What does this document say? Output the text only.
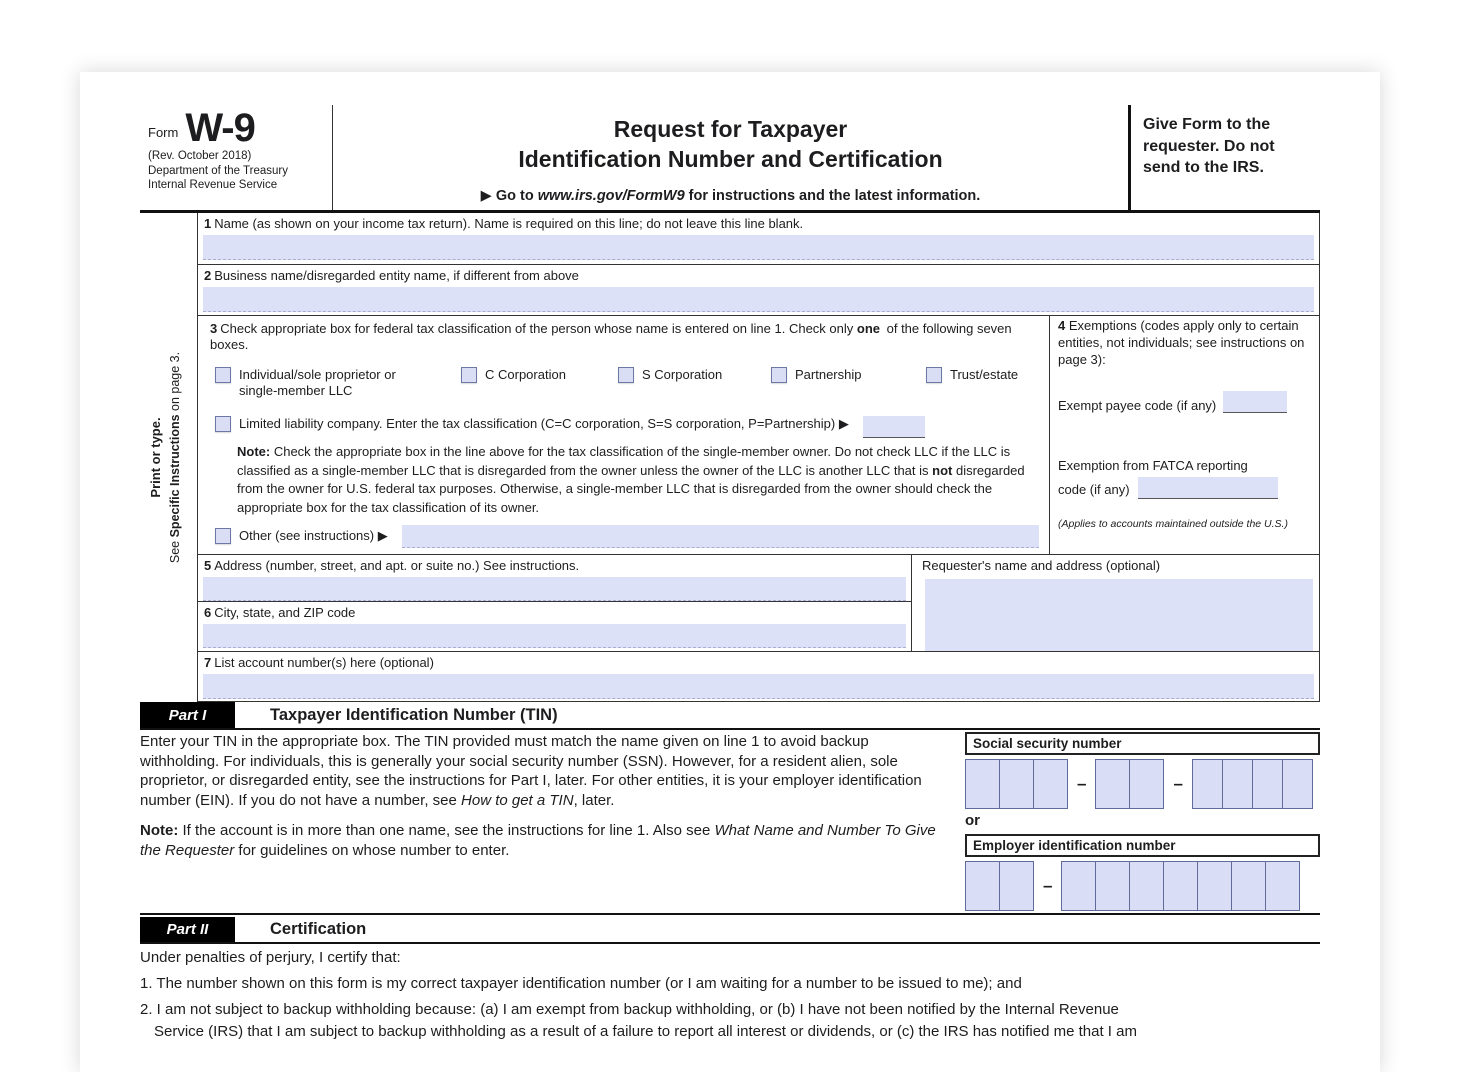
Form W-9
(Rev. October 2018)
Department of the Treasury
Internal Revenue Service
Request for Taxpayer
Identification Number and Certification
▶ Go to www.irs.gov/FormW9 for instructions and the latest information.
Give Form to the requester. Do not send to the IRS.
Print or type.
See Specific Instructions on page 3.
1 Name (as shown on your income tax return). Name is required on this line; do not leave this line blank.
2 Business name/disregarded entity name, if different from above
3 Check appropriate box for federal tax classification of the person whose name is entered on line 1. Check only one of the following seven boxes.
Individual/sole proprietor or single-member LLC
C Corporation	S Corporation	Partnership	Trust/estate
Limited liability company. Enter the tax classification (C=C corporation, S=S corporation, P=Partnership) ▶
Note: Check the appropriate box in the line above for the tax classification of the single-member owner. Do not check LLC if the LLC is classified as a single-member LLC that is disregarded from the owner unless the owner of the LLC is another LLC that is not disregarded from the owner for U.S. federal tax purposes. Otherwise, a single-member LLC that is disregarded from the owner should check the appropriate box for the tax classification of its owner.
Other (see instructions) ▶
4 Exemptions (codes apply only to certain entities, not individuals; see instructions on page 3):
Exempt payee code (if any)
Exemption from FATCA reporting
code (if any)
(Applies to accounts maintained outside the U.S.)
5 Address (number, street, and apt. or suite no.) See instructions.
6 City, state, and ZIP code
Requester's name and address (optional)
7 List account number(s) here (optional)
Part I	Taxpayer Identification Number (TIN)
Enter your TIN in the appropriate box. The TIN provided must match the name given on line 1 to avoid backup withholding. For individuals, this is generally your social security number (SSN). However, for a resident alien, sole proprietor, or disregarded entity, see the instructions for Part I, later. For other entities, it is your employer identification number (EIN). If you do not have a number, see How to get a TIN, later.
Note: If the account is in more than one name, see the instructions for line 1. Also see What Name and Number To Give the Requester for guidelines on whose number to enter.
Social security number
–	–
or
Employer identification number
–
Part II	Certification
Under penalties of perjury, I certify that:
1. The number shown on this form is my correct taxpayer identification number (or I am waiting for a number to be issued to me); and
2. I am not subject to backup withholding because: (a) I am exempt from backup withholding, or (b) I have not been notified by the Internal Revenue
Service (IRS) that I am subject to backup withholding as a result of a failure to report all interest or dividends, or (c) the IRS has notified me that I am
